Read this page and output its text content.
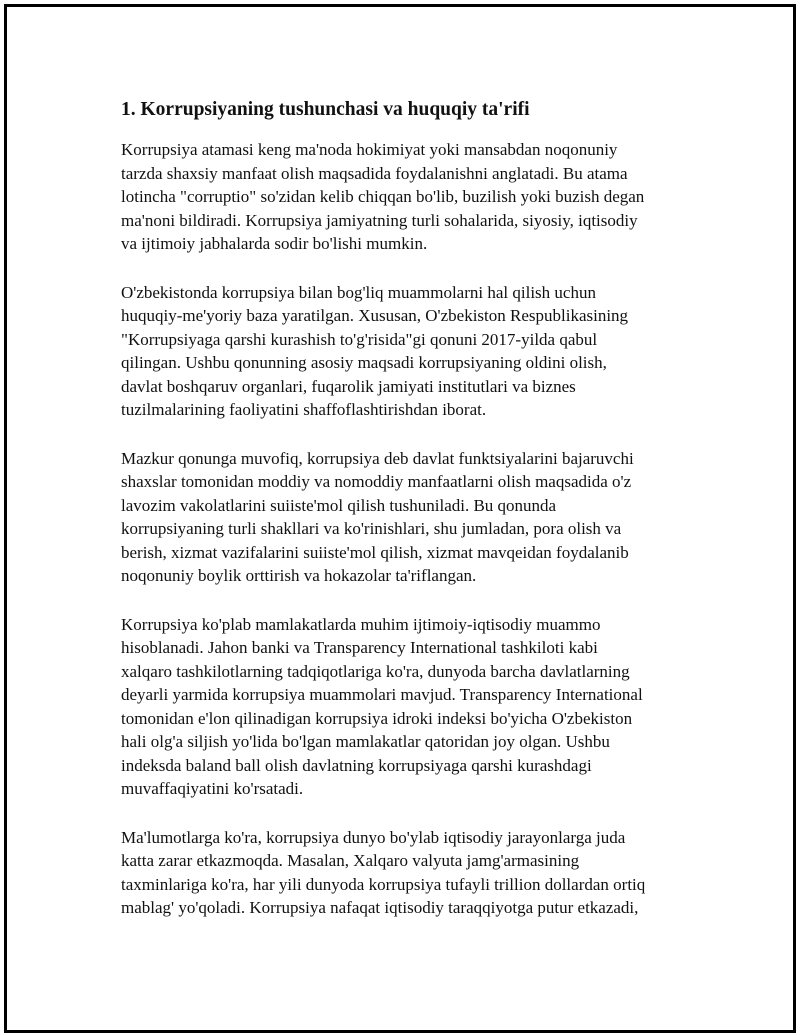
1. Korrupsiyaning tushunchasi va huquqiy ta'rifi

Korrupsiya atamasi keng ma'noda hokimiyat yoki mansabdan noqonuniy
tarzda shaxsiy manfaat olish maqsadida foydalanishni anglatadi. Bu atama
lotincha "corruptio" so'zidan kelib chiqqan bo'lib, buzilish yoki buzish degan
ma'noni bildiradi. Korrupsiya jamiyatning turli sohalarida, siyosiy, iqtisodiy
va ijtimoiy jabhalarda sodir bo'lishi mumkin.

O'zbekistonda korrupsiya bilan bog'liq muammolarni hal qilish uchun
huquqiy-me'yoriy baza yaratilgan. Xususan, O'zbekiston Respublikasining
"Korrupsiyaga qarshi kurashish to'g'risida"gi qonuni 2017-yilda qabul
qilingan. Ushbu qonunning asosiy maqsadi korrupsiyaning oldini olish,
davlat boshqaruv organlari, fuqarolik jamiyati institutlari va biznes
tuzilmalarining faoliyatini shaffoflashtirishdan iborat.

Mazkur qonunga muvofiq, korrupsiya deb davlat funktsiyalarini bajaruvchi
shaxslar tomonidan moddiy va nomoddiy manfaatlarni olish maqsadida o'z
lavozim vakolatlarini suiiste'mol qilish tushuniladi. Bu qonunda
korrupsiyaning turli shakllari va ko'rinishlari, shu jumladan, pora olish va
berish, xizmat vazifalarini suiiste'mol qilish, xizmat mavqeidan foydalanib
noqonuniy boylik orttirish va hokazolar ta'riflangan.

Korrupsiya ko'plab mamlakatlarda muhim ijtimoiy-iqtisodiy muammo
hisoblanadi. Jahon banki va Transparency International tashkiloti kabi
xalqaro tashkilotlarning tadqiqotlariga ko'ra, dunyoda barcha davlatlarning
deyarli yarmida korrupsiya muammolari mavjud. Transparency International
tomonidan e'lon qilinadigan korrupsiya idroki indeksi bo'yicha O'zbekiston
hali olg'a siljish yo'lida bo'lgan mamlakatlar qatoridan joy olgan. Ushbu
indeksda baland ball olish davlatning korrupsiyaga qarshi kurashdagi
muvaffaqiyatini ko'rsatadi.

Ma'lumotlarga ko'ra, korrupsiya dunyo bo'ylab iqtisodiy jarayonlarga juda
katta zarar etkazmoqda. Masalan, Xalqaro valyuta jamg'armasining
taxminlariga ko'ra, har yili dunyoda korrupsiya tufayli trillion dollardan ortiq
mablag' yo'qoladi. Korrupsiya nafaqat iqtisodiy taraqqiyotga putur etkazadi,
